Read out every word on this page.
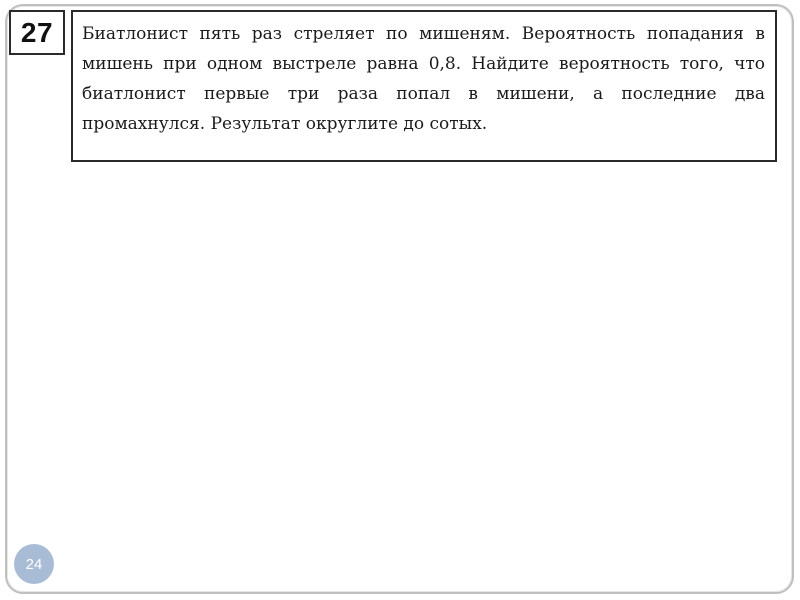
27 Биатлонист пять раз стреляет по мишеням. Вероятность попадания в мишень при одном выстреле равна 0,8. Найдите вероятность того, что биатлонист первые три раза попал в мишени, а последние два промахнулся. Результат округлите до сотых.

24
